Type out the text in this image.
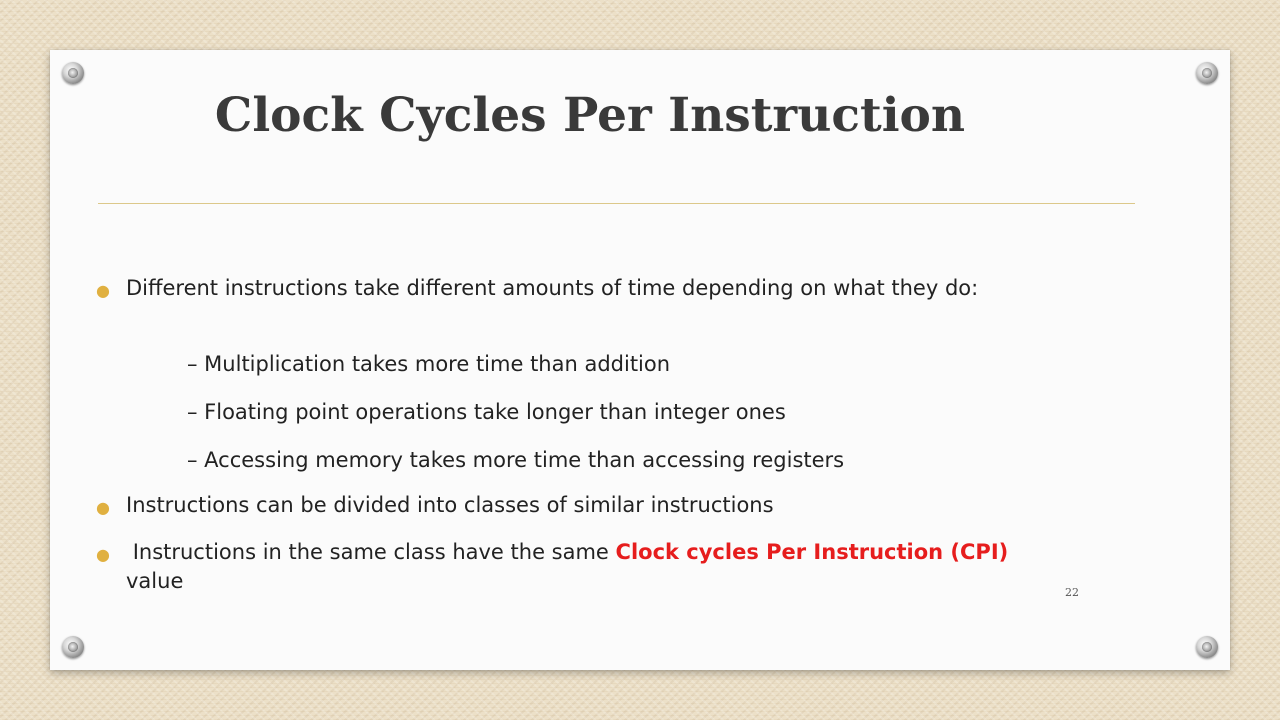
Clock Cycles Per Instruction
● Different instructions take different amounts of time depending on what they do:
– Multiplication takes more time than addition
– Floating point operations take longer than integer ones
– Accessing memory takes more time than accessing registers
● Instructions can be divided into classes of similar instructions
● Instructions in the same class have the same Clock cycles Per Instruction (CPI) value	22
